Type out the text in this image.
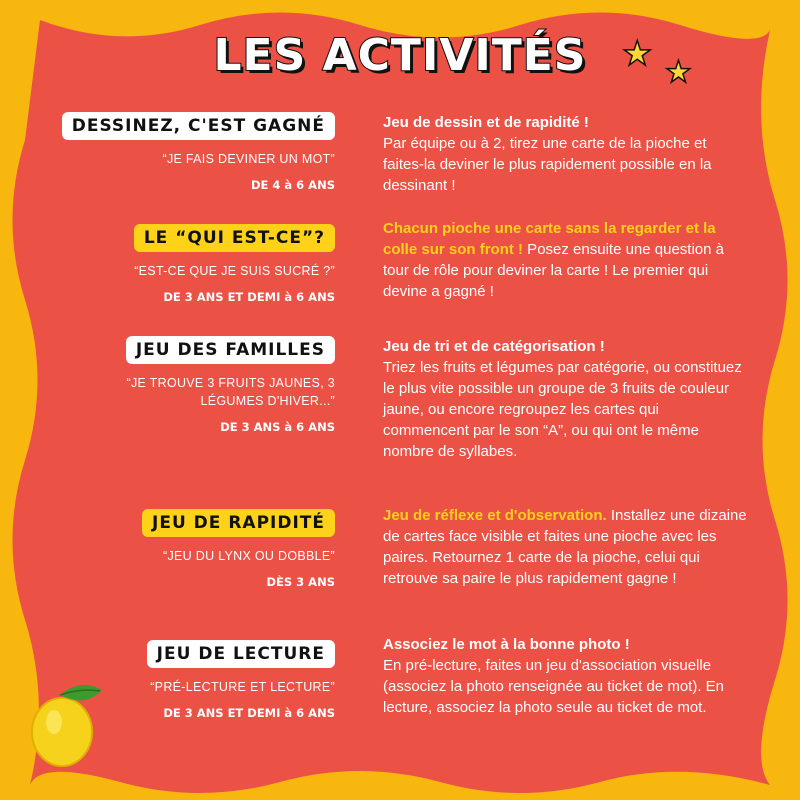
LES ACTIVITÉS	★ ★
DESSINEZ, C'EST GAGNÉ
“JE FAIS DEVINER UN MOT”
DE 4 à 6 ANS
Jeu de dessin et de rapidité !
Par équipe ou à 2, tirez une carte de la pioche et faites-la deviner le plus rapidement possible en la dessinant !
LE “QUI EST-CE”?
“EST-CE QUE JE SUIS SUCRÉ ?”
DE 3 ANS ET DEMI à 6 ANS
Chacun pioche une carte sans la regarder et la colle sur son front ! Posez ensuite une question à tour de rôle pour deviner la carte ! Le premier qui devine a gagné !
JEU DES FAMILLES
“JE TROUVE 3 FRUITS JAUNES, 3 LÉGUMES D'HIVER...”
DE 3 ANS à 6 ANS
Jeu de tri et de catégorisation !
Triez les fruits et légumes par catégorie, ou constituez le plus vite possible un groupe de 3 fruits de couleur jaune, ou encore regroupez les cartes qui commencent par le son “A”, ou qui ont le même nombre de syllabes.
JEU DE RAPIDITÉ
“JEU DU LYNX OU DOBBLE”
DÈS 3 ANS
Jeu de réflexe et d'observation. Installez une dizaine de cartes face visible et faites une pioche avec les paires. Retournez 1 carte de la pioche, celui qui retrouve sa paire le plus rapidement gagne !
JEU DE LECTURE
“PRÉ-LECTURE ET LECTURE”
DE 3 ANS ET DEMI à 6 ANS
Associez le mot à la bonne photo !
En pré-lecture, faites un jeu d'association visuelle (associez la photo renseignée au ticket de mot). En lecture, associez la photo seule au ticket de mot.
